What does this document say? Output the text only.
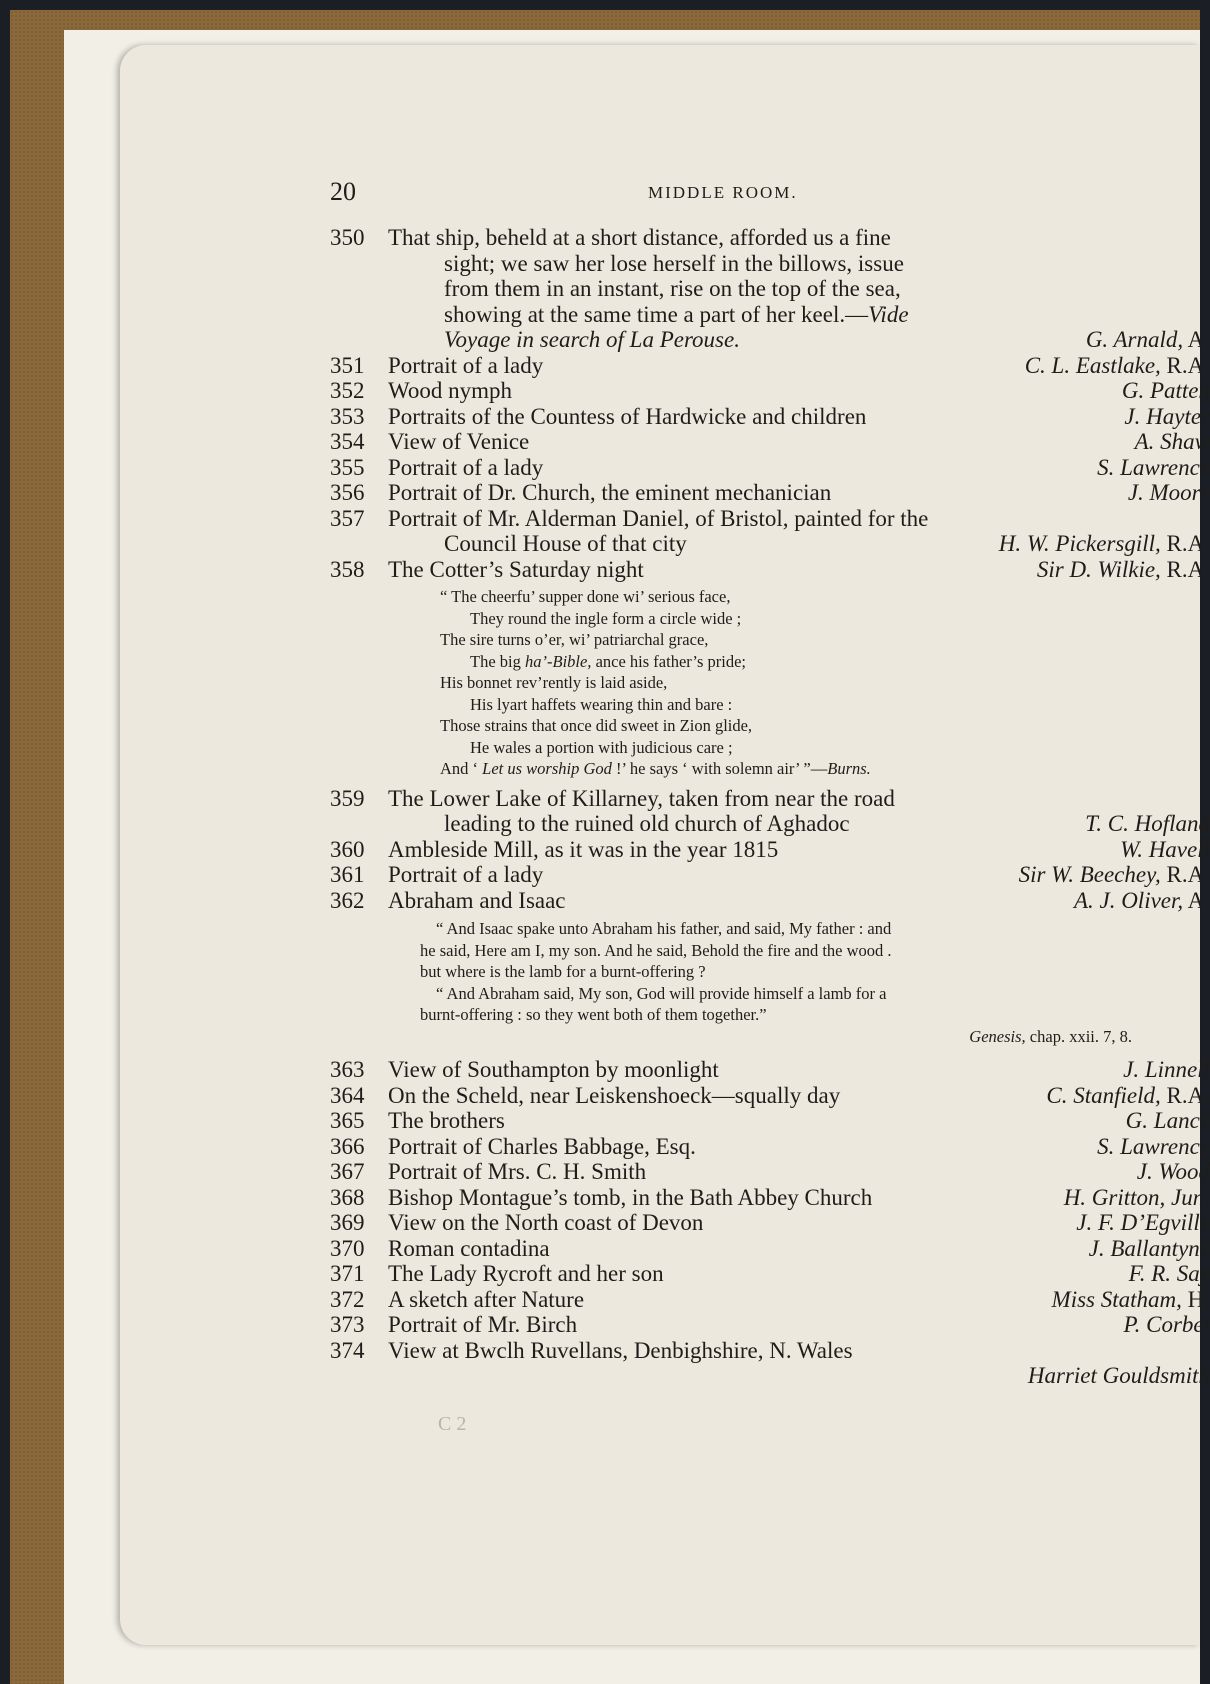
20	MIDDLE ROOM.
350 That ship, beheld at a short distance, afforded us a fine
sight; we saw her lose herself in the billows, issue
from them in an instant, rise on the top of the sea,
showing at the same time a part of her keel.—Vide
Voyage in search of La Perouse.	G. Arnald, A.
351 Portrait of a lady	C. L. Eastlake, R.A.
352 Wood nymph	G. Patten
353 Portraits of the Countess of Hardwicke and children	J. Hayter
354 View of Venice	A. Shaw
355 Portrait of a lady	S. Lawrence
356 Portrait of Dr. Church, the eminent mechanician	J. Moore
357 Portrait of Mr. Alderman Daniel, of Bristol, painted for the
Council House of that city	H. W. Pickersgill, R.A.
358 The Cotter’s Saturday night	Sir D. Wilkie, R.A.
“ The cheerfu’ supper done wi’ serious face,
They round the ingle form a circle wide ;
The sire turns o’er, wi’ patriarchal grace,
The big ha’-Bible, ance his father’s pride;
His bonnet rev’rently is laid aside,
His lyart haffets wearing thin and bare :
Those strains that once did sweet in Zion glide,
He wales a portion with judicious care ;
And ‘ Let us worship God !’ he says ‘ with solemn air’ ”—Burns.
359 The Lower Lake of Killarney, taken from near the road
leading to the ruined old church of Aghadoc	T. C. Hofland
360 Ambleside Mill, as it was in the year 1815	W. Havell
361 Portrait of a lady	Sir W. Beechey, R.A.
362 Abraham and Isaac	A. J. Oliver, A.

“ And Isaac spake unto Abraham his father, and said, My father : and

he said, Here am I, my son. And he said, Behold the fire and the wood .

but where is the lamb for a burnt-offering ?

“ And Abraham said, My son, God will provide himself a lamb for a

burnt-offering : so they went both of them together.”

Genesis, chap. xxii. 7, 8.
363 View of Southampton by moonlight	J. Linnell
364 On the Scheld, near Leiskenshoeck—squally day	C. Stanfield, R.A.
365 The brothers	G. Lance
366 Portrait of Charles Babbage, Esq.	S. Lawrence
367 Portrait of Mrs. C. H. Smith	J. Wood
368 Bishop Montague’s tomb, in the Bath Abbey Church	H. Gritton, Jun.
369 View on the North coast of Devon	J. F. D’Egville
370 Roman contadina	J. Ballantyne
371 The Lady Rycroft and her son	F. R. Say
372 A sketch after Nature	Miss Statham, H.
373 Portrait of Mr. Birch	P. Corbet
374 View at Bwclh Ruvellans, Denbighshire, N. Wales
Harriet Gouldsmith
C 2
